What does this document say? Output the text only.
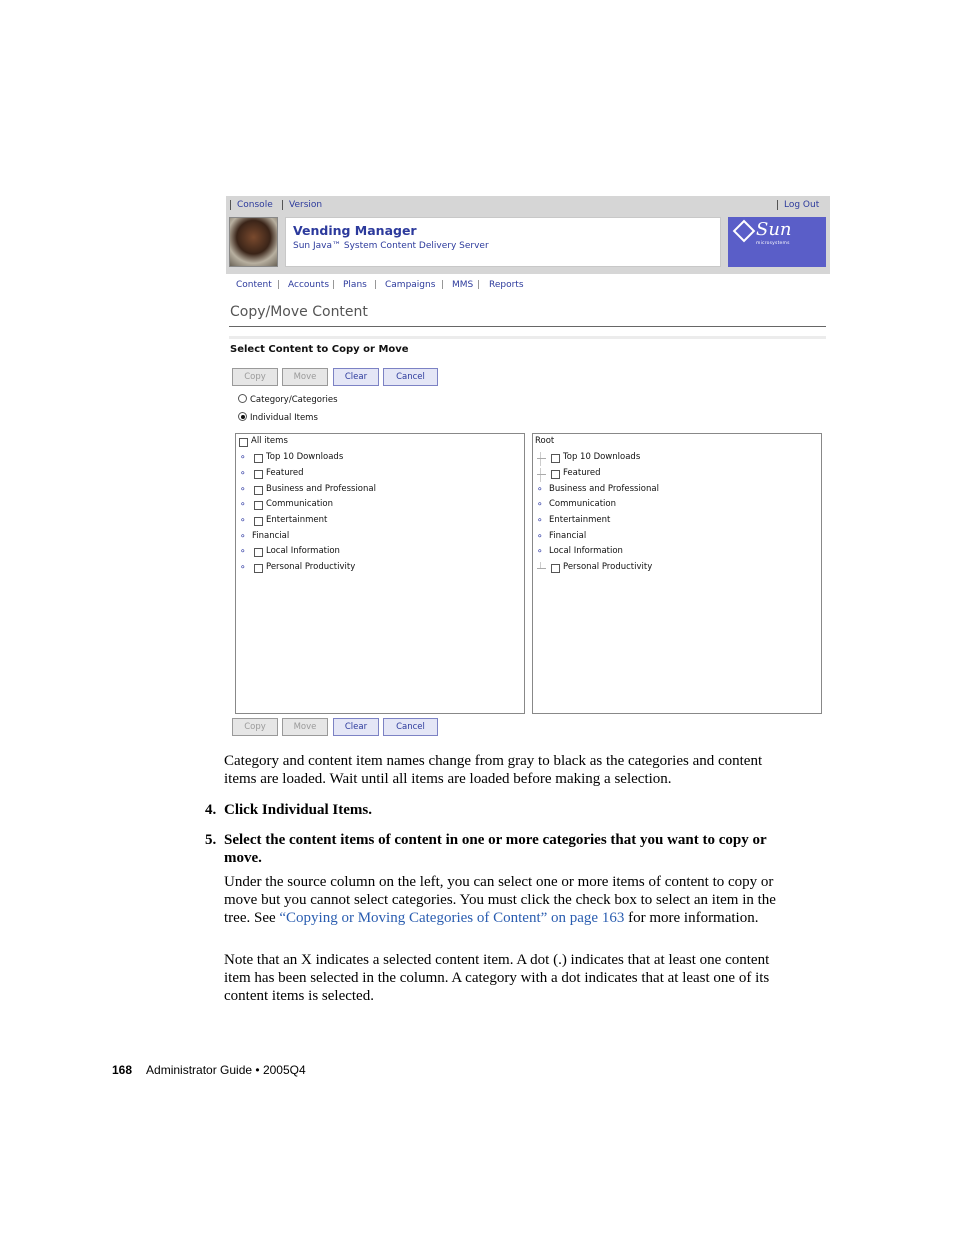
Console	Version	Log Out
Vending Manager
Sun Java™ System Content Delivery Server
Sun
microsystems
Content | Accounts | Plans | Campaigns | MMS | Reports
Copy/Move Content
Select Content to Copy or Move
Copy	Move	Clear	Cancel
Category/Categories
Individual Items
All items
⚬ Top 10 Downloads
⚬ Featured
⚬ Business and Professional
⚬ Communication
⚬ Entertainment
⚬ Financial
⚬ Local Information
⚬ Personal Productivity
Root
Top 10 Downloads
Featured
⚬ Business and Professional
⚬ Communication
⚬ Entertainment
⚬ Financial
⚬ Local Information
Personal Productivity
Copy	Move	Clear	Cancel

Category and content item names change from gray to black as the categories and content items are loaded. Wait until all items are loaded before making a selection.

4. Click Individual Items.
5. Select the content items of content in one or more categories that you want to copy or move.

Under the source column on the left, you can select one or more items of content to copy or move but you cannot select categories. You must click the check box to select an item in the tree. See “Copying or Moving Categories of Content” on page 163 for more information.

Note that an X indicates a selected content item. A dot (.) indicates that at least one content item has been selected in the column. A category with a dot indicates that at least one of its content items is selected.

168 Administrator Guide • 2005Q4
